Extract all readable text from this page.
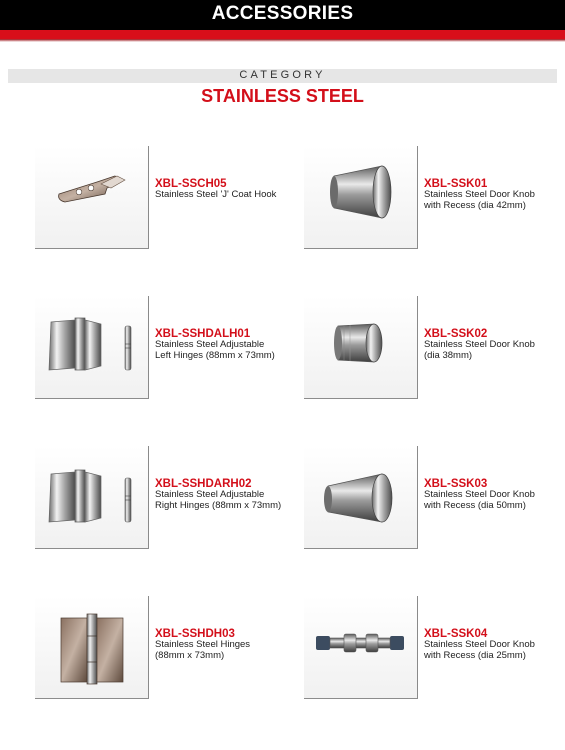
ACCESSORIES
CATEGORY
STAINLESS STEEL
XBL-SSCH05
Stainless Steel 'J' Coat Hook
XBL-SSK01
Stainless Steel Door Knob
with Recess (dia 42mm)
XBL-SSHDALH01
Stainless Steel Adjustable
Left Hinges (88mm x 73mm)
XBL-SSK02
Stainless Steel Door Knob
(dia 38mm)
XBL-SSHDARH02
Stainless Steel Adjustable
Right Hinges (88mm x 73mm)
XBL-SSK03
Stainless Steel Door Knob
with Recess (dia 50mm)
XBL-SSHDH03
Stainless Steel Hinges
(88mm x 73mm)
XBL-SSK04
Stainless Steel Door Knob
with Recess (dia 25mm)
